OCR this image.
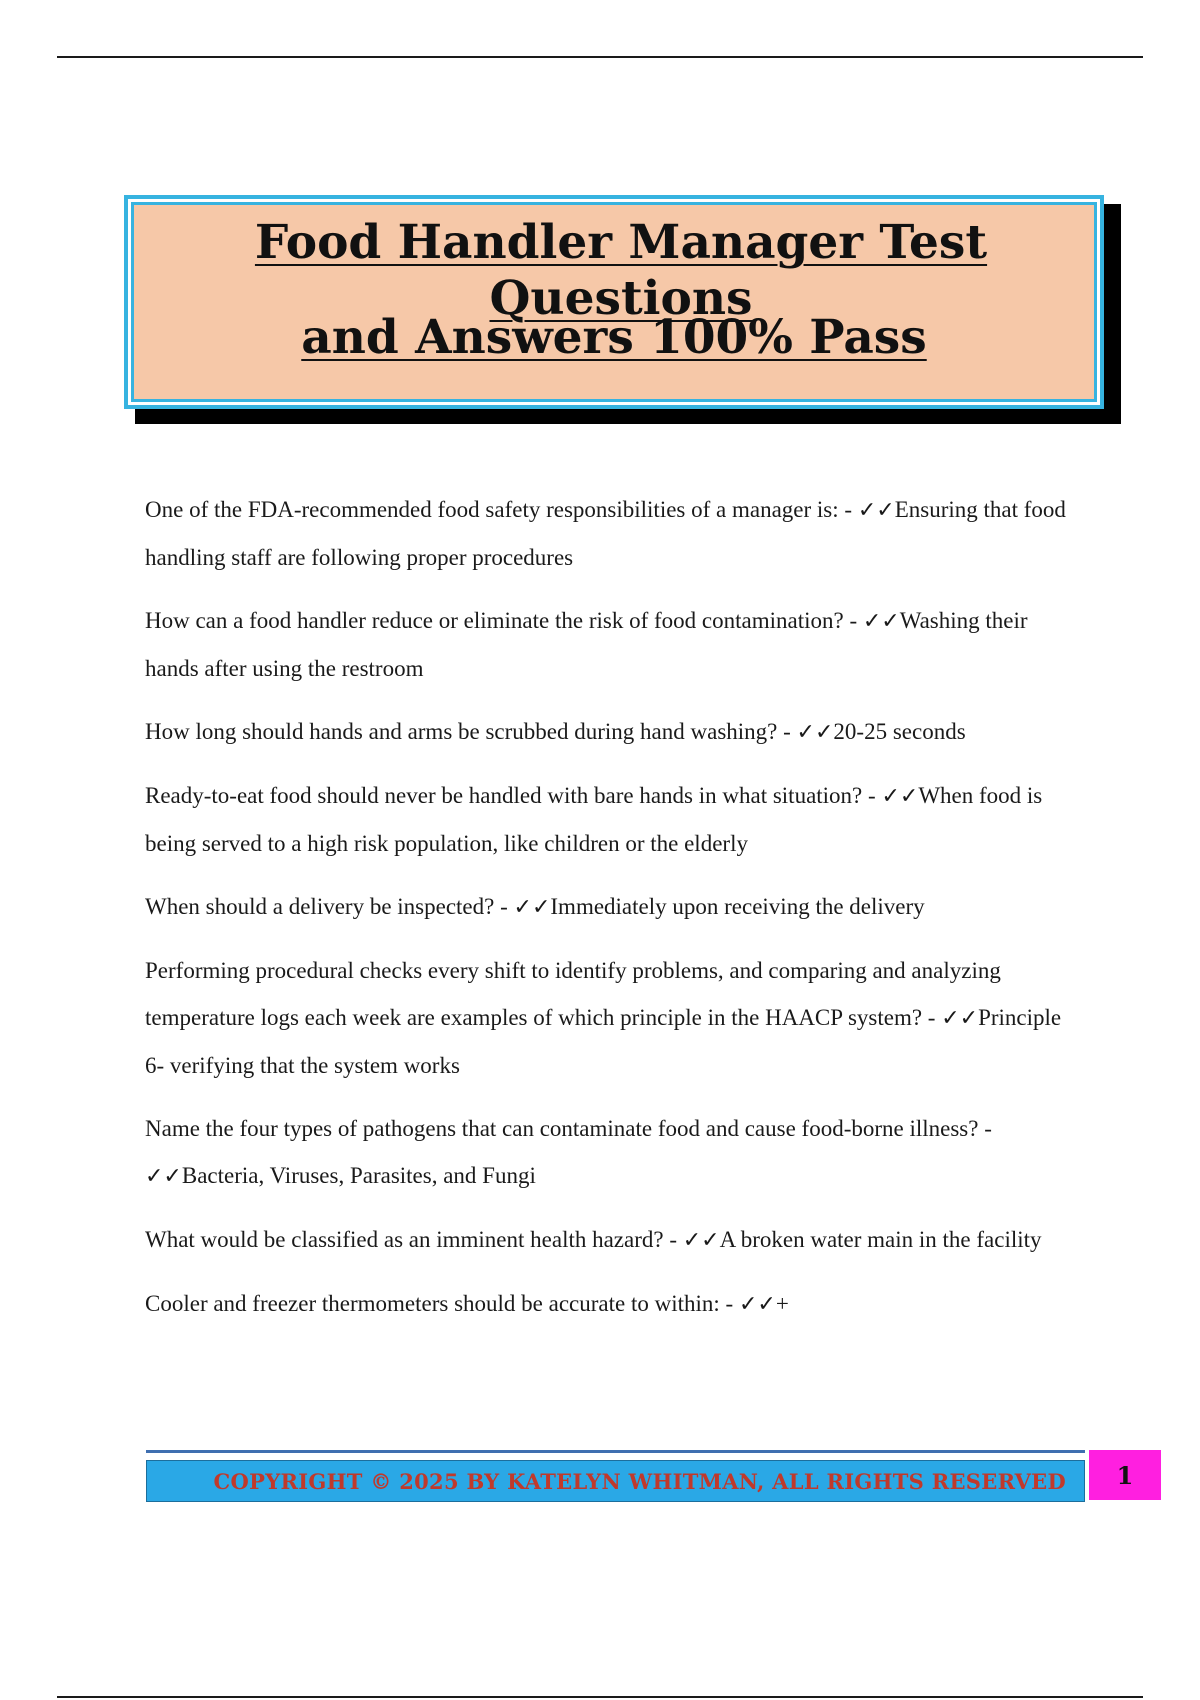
Food Handler Manager Test Questions

and Answers 100% Pass

One of the FDA-recommended food safety responsibilities of a manager is: - ✓✓Ensuring that food handling staff are following proper procedures

How can a food handler reduce or eliminate the risk of food contamination? - ✓✓Washing their hands after using the restroom

How long should hands and arms be scrubbed during hand washing? - ✓✓20-25 seconds

Ready-to-eat food should never be handled with bare hands in what situation? - ✓✓When food is being served to a high risk population, like children or the elderly

When should a delivery be inspected? - ✓✓Immediately upon receiving the delivery

Performing procedural checks every shift to identify problems, and comparing and analyzing temperature logs each week are examples of which principle in the HAACP system? - ✓✓Principle 6- verifying that the system works

Name the four types of pathogens that can contaminate food and cause food-borne illness? - ✓✓Bacteria, Viruses, Parasites, and Fungi

What would be classified as an imminent health hazard? - ✓✓A broken water main in the facility

Cooler and freezer thermometers should be accurate to within: - ✓✓+

COPYRIGHT © 2025 BY KATELYN WHITMAN, ALL RIGHTS RESERVED 1
